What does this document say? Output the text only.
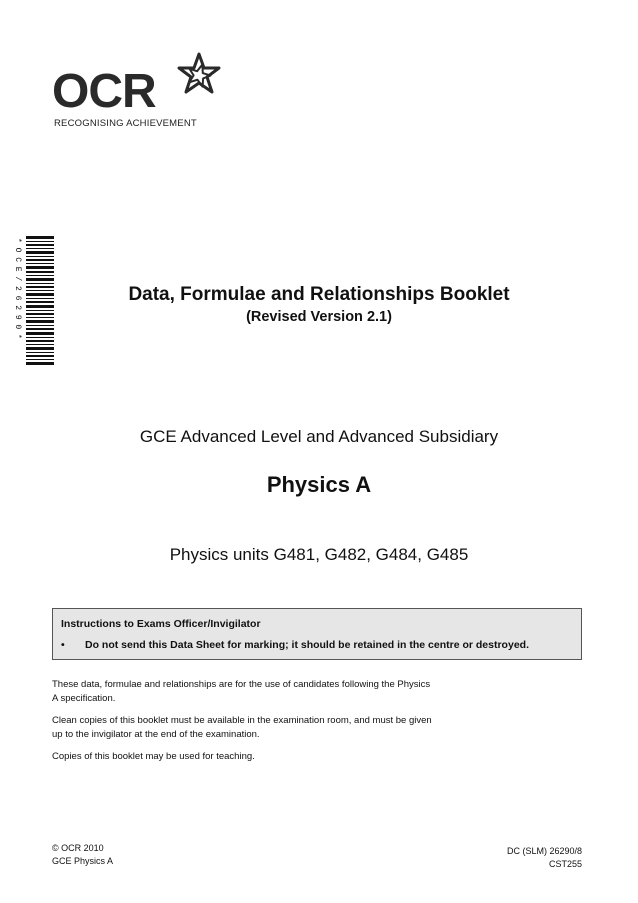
OCR
RECOGNISING ACHIEVEMENT
* O C E / 2 6 2 9 0 *	Data, Formulae and Relationships Booklet
(Revised Version 2.1)
GCE Advanced Level and Advanced Subsidiary
Physics A
Physics units G481, G482, G484, G485
Instructions to Exams Officer/Invigilator
•	Do not send this Data Sheet for marking; it should be retained in the centre or destroyed.

These data, formulae and relationships are for the use of candidates following the Physics A specification.

Clean copies of this booklet must be available in the examination room, and must be given up to the invigilator at the end of the examination.

Copies of this booklet may be used for teaching.

© OCR 2010
GCE Physics A
DC (SLM) 26290/8
CST255
